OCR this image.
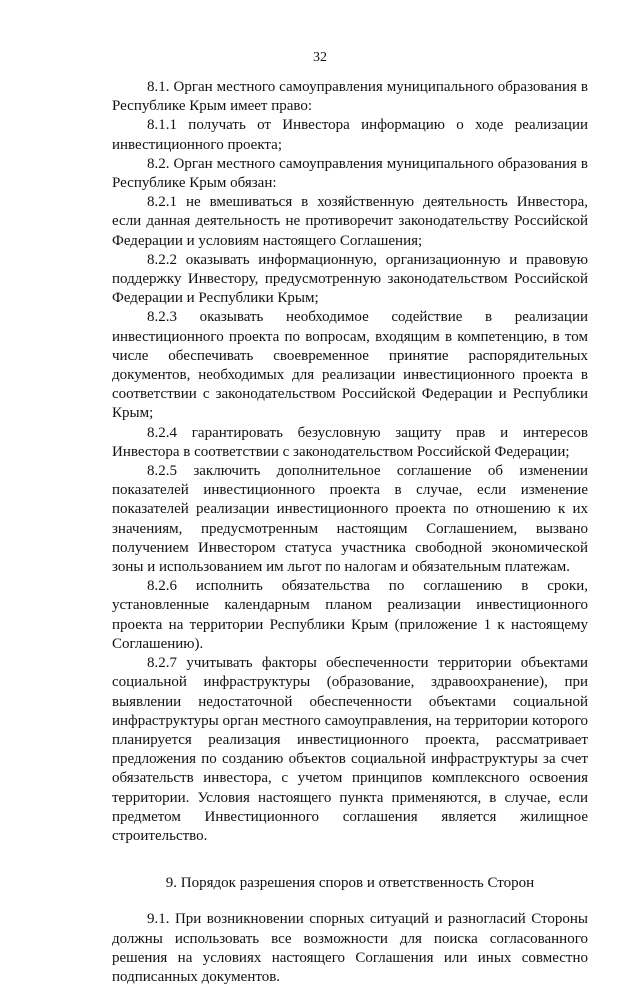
32

8.1. Орган местного самоуправления муниципального образования в Республике Крым имеет право:

8.1.1 получать от Инвестора информацию о ходе реализации инвестиционного проекта;

8.2. Орган местного самоуправления муниципального образования в Республике Крым обязан:

8.2.1 не вмешиваться в хозяйственную деятельность Инвестора, если данная деятельность не противоречит законодательству Российской Федерации и условиям настоящего Соглашения;

8.2.2 оказывать информационную, организационную и правовую поддержку Инвестору, предусмотренную законодательством Российской Федерации и Республики Крым;

8.2.3 оказывать необходимое содействие в реализации инвестиционного проекта по вопросам, входящим в компетенцию, в том числе обеспечивать своевременное принятие распорядительных документов, необходимых для реализации инвестиционного проекта в соответствии с законодательством Российской Федерации и Республики Крым;

8.2.4 гарантировать безусловную защиту прав и интересов Инвестора в соответствии с законодательством Российской Федерации;

8.2.5 заключить дополнительное соглашение об изменении показателей инвестиционного проекта в случае, если изменение показателей реализации инвестиционного проекта по отношению к их значениям, предусмотренным настоящим Соглашением, вызвано получением Инвестором статуса участника свободной экономической зоны и использованием им льгот по налогам и обязательным платежам.

8.2.6 исполнить обязательства по соглашению в сроки, установленные календарным планом реализации инвестиционного проекта на территории Республики Крым (приложение 1 к настоящему Соглашению).

8.2.7 учитывать факторы обеспеченности территории объектами социальной инфраструктуры (образование, здравоохранение), при выявлении недостаточной обеспеченности объектами социальной инфраструктуры орган местного самоуправления, на территории которого планируется реализация инвестиционного проекта, рассматривает предложения по созданию объектов социальной инфраструктуры за счет обязательств инвестора, с учетом принципов комплексного освоения территории. Условия настоящего пункта применяются, в случае, если предметом Инвестиционного соглашения является жилищное строительство.

9. Порядок разрешения споров и ответственность Сторон

9.1. При возникновении спорных ситуаций и разногласий Стороны должны использовать все возможности для поиска согласованного решения на условиях настоящего Соглашения или иных совместно подписанных документов.
